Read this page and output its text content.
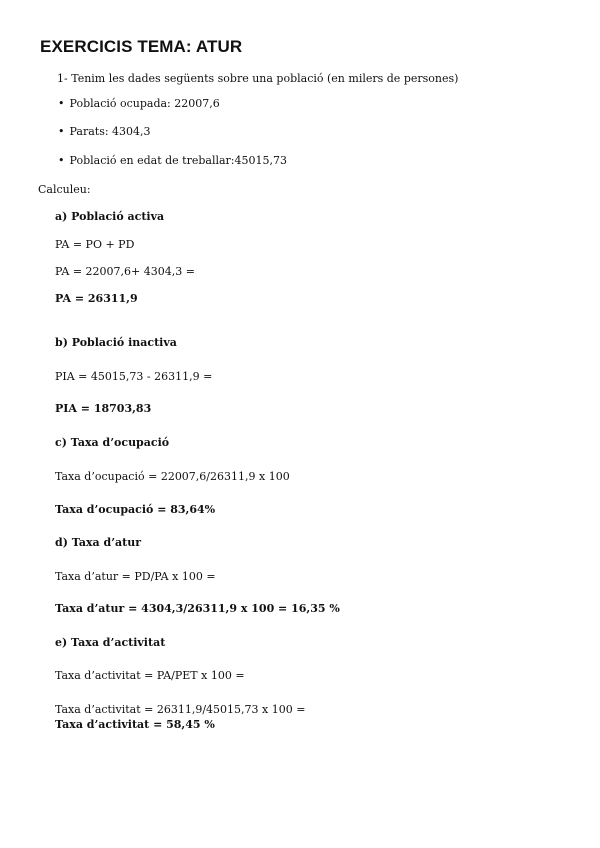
EXERCICIS TEMA: ATUR
1- Tenim les dades següents sobre una població (en milers de persones)
• Població ocupada: 22007,6
• Parats: 4304,3
• Població en edat de treballar:45015,73
Calculeu:
a) Població activa
PA = PO + PD
PA = 22007,6+ 4304,3 =
PA = 26311,9
b) Població inactiva
PIA = 45015,73 - 26311,9 =
PIA = 18703,83
c) Taxa d’ocupació
Taxa d’ocupació = 22007,6/26311,9 x 100
Taxa d’ocupació = 83,64%
d) Taxa d’atur
Taxa d’atur = PD/PA x 100 =
Taxa d’atur = 4304,3/26311,9 x 100 = 16,35 %
e) Taxa d’activitat
Taxa d’activitat = PA/PET x 100 =
Taxa d’activitat = 26311,9/45015,73 x 100 =
Taxa d’activitat = 58,45 %
